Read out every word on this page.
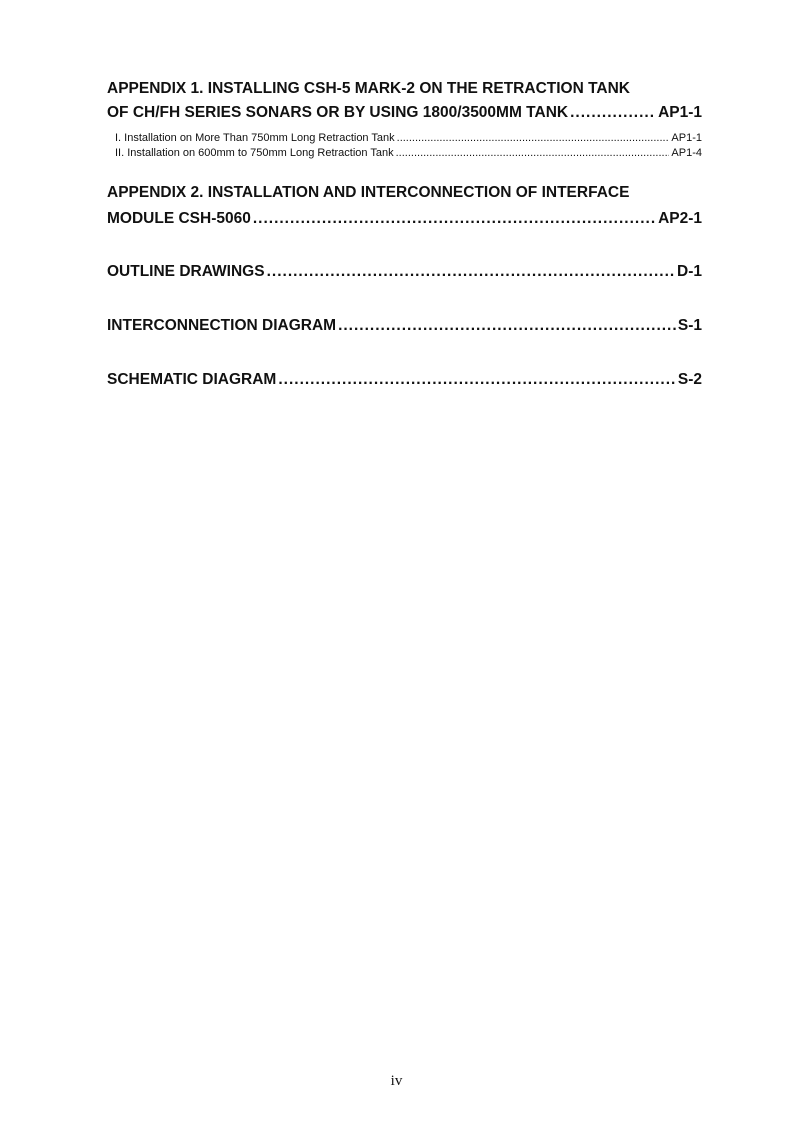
APPENDIX 1. INSTALLING CSH-5 MARK-2 ON THE RETRACTION TANK
OF CH/FH SERIES SONARS OR BY USING 1800/3500MM TANK .....	AP1-1
I. Installation on More Than 750mm Long Retraction Tank .....	AP1-1
II. Installation on 600mm to 750mm Long Retraction Tank .....	AP1-4
APPENDIX 2. INSTALLATION AND INTERCONNECTION OF INTERFACE
MODULE CSH-5060 .....	AP2-1
OUTLINE DRAWINGS .....	D-1
INTERCONNECTION DIAGRAM .....	S-1
SCHEMATIC DIAGRAM .....	S-2
iv
